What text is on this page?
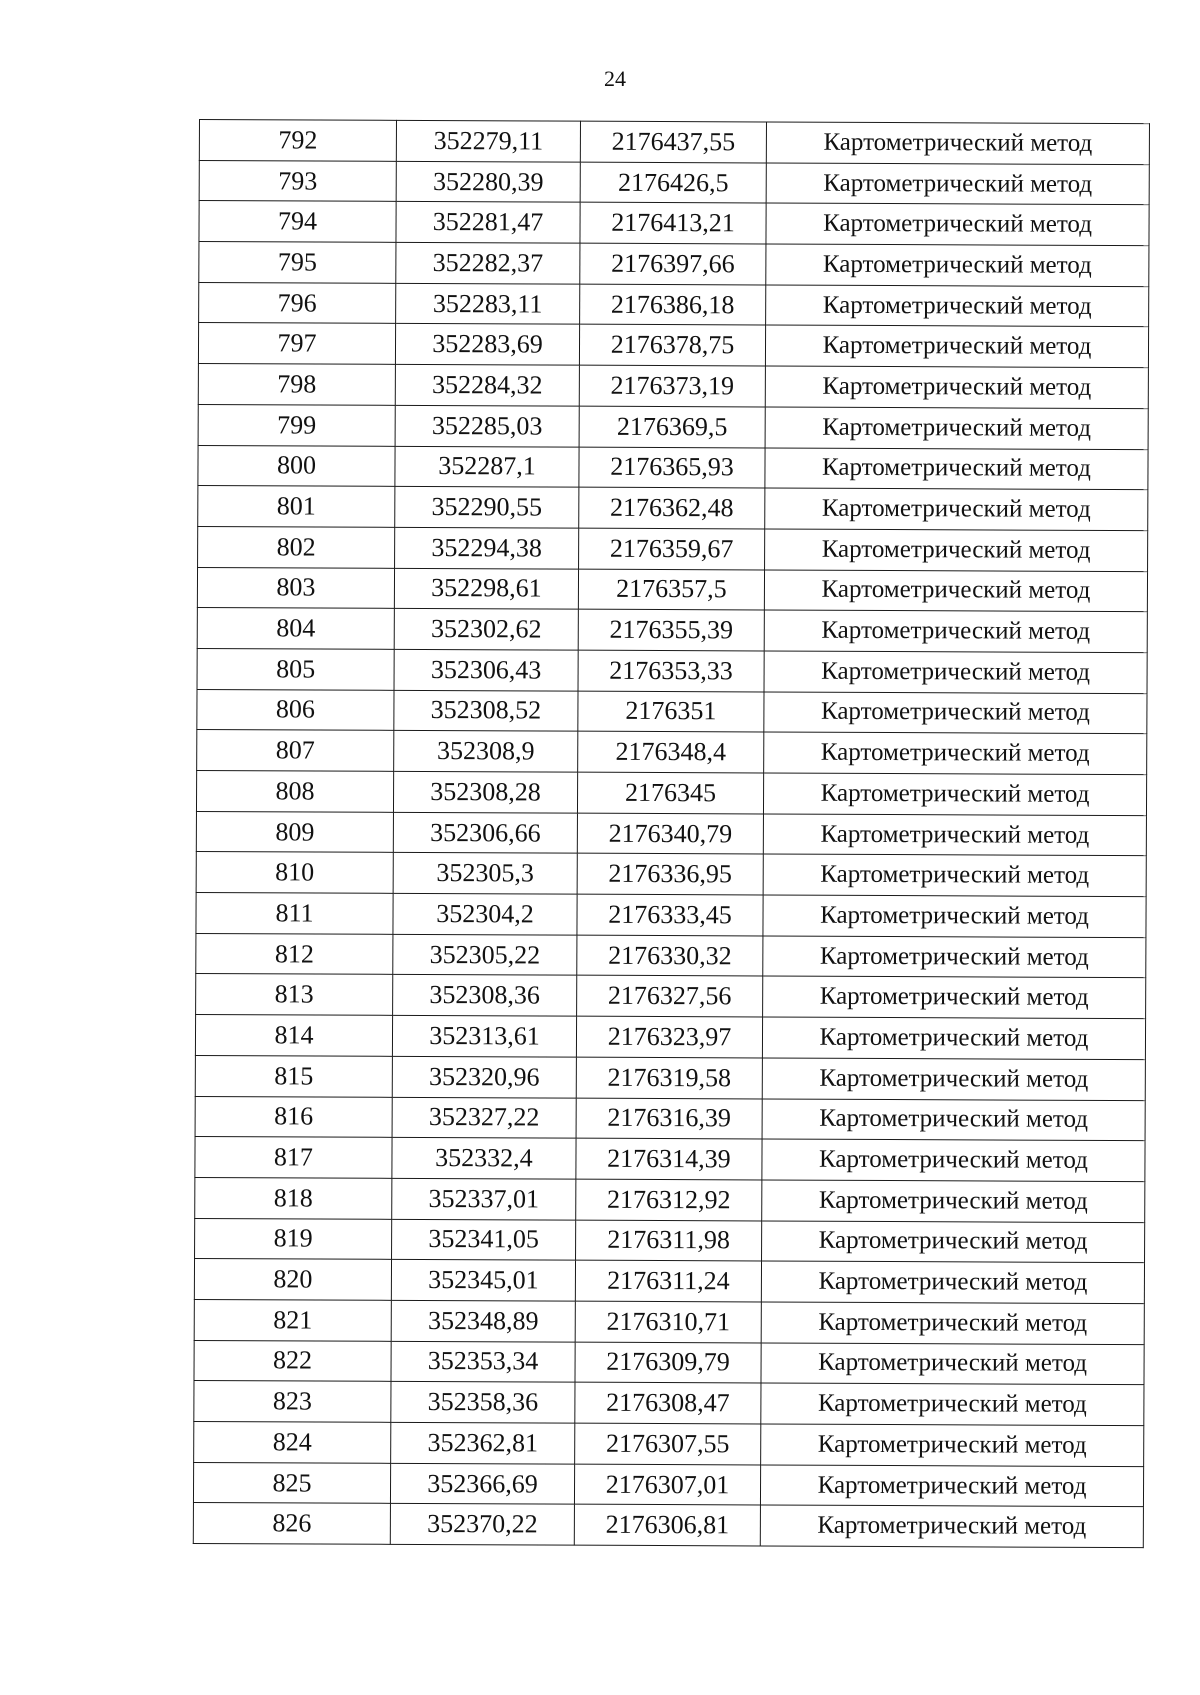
24
792	352279,11	2176437,55	Картометрический метод
793	352280,39	2176426,5	Картометрический метод
794	352281,47	2176413,21	Картометрический метод
795	352282,37	2176397,66	Картометрический метод
796	352283,11	2176386,18	Картометрический метод
797	352283,69	2176378,75	Картометрический метод
798	352284,32	2176373,19	Картометрический метод
799	352285,03	2176369,5	Картометрический метод
800	352287,1	2176365,93	Картометрический метод
801	352290,55	2176362,48	Картометрический метод
802	352294,38	2176359,67	Картометрический метод
803	352298,61	2176357,5	Картометрический метод
804	352302,62	2176355,39	Картометрический метод
805	352306,43	2176353,33	Картометрический метод
806	352308,52	2176351	Картометрический метод
807	352308,9	2176348,4	Картометрический метод
808	352308,28	2176345	Картометрический метод
809	352306,66	2176340,79	Картометрический метод
810	352305,3	2176336,95	Картометрический метод
811	352304,2	2176333,45	Картометрический метод
812	352305,22	2176330,32	Картометрический метод
813	352308,36	2176327,56	Картометрический метод
814	352313,61	2176323,97	Картометрический метод
815	352320,96	2176319,58	Картометрический метод
816	352327,22	2176316,39	Картометрический метод
817	352332,4	2176314,39	Картометрический метод
818	352337,01	2176312,92	Картометрический метод
819	352341,05	2176311,98	Картометрический метод
820	352345,01	2176311,24	Картометрический метод
821	352348,89	2176310,71	Картометрический метод
822	352353,34	2176309,79	Картометрический метод
823	352358,36	2176308,47	Картометрический метод
824	352362,81	2176307,55	Картометрический метод
825	352366,69	2176307,01	Картометрический метод
826	352370,22	2176306,81	Картометрический метод
